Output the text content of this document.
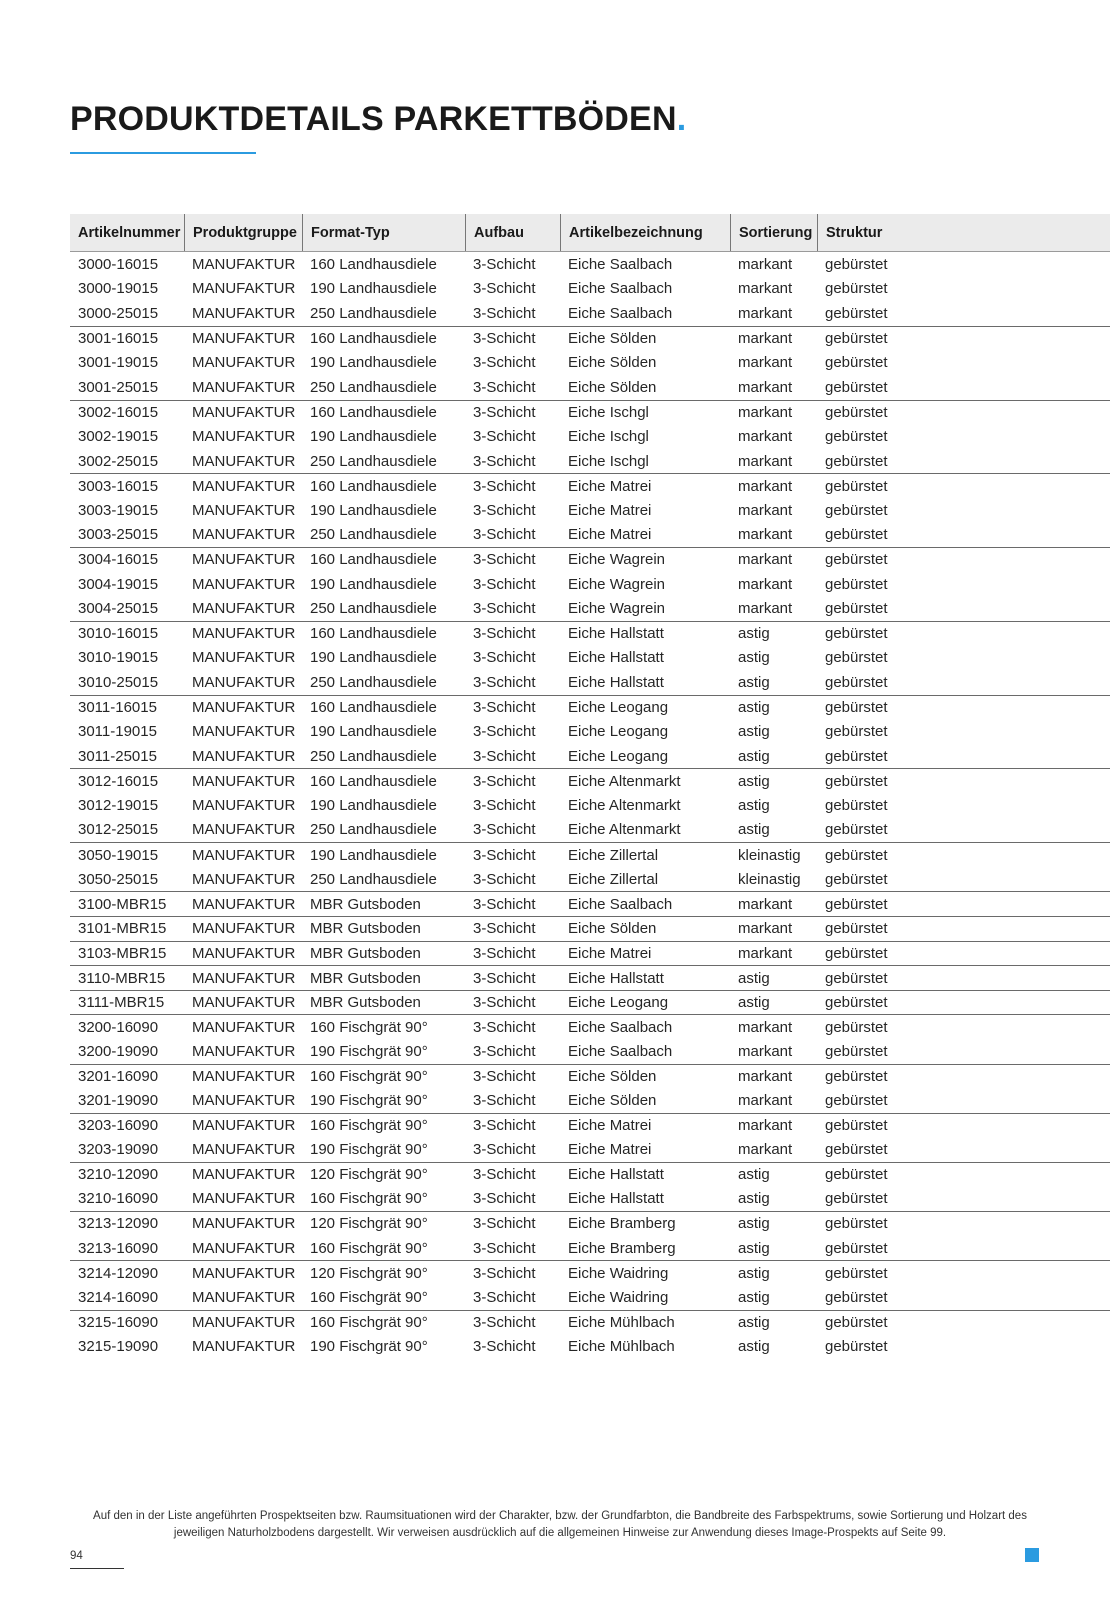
PRODUKTDETAILS PARKETTBÖDEN.
Artikelnummer Produktgruppe Format-Typ	Aufbau	Artikelbezeichnung	Sortierung Struktur
3000-16015	MANUFAKTUR 160 Landhausdiele	3-Schicht	Eiche Saalbach	markant	gebürstet
3000-19015	MANUFAKTUR 190 Landhausdiele	3-Schicht	Eiche Saalbach	markant	gebürstet
3000-25015	MANUFAKTUR 250 Landhausdiele	3-Schicht	Eiche Saalbach	markant	gebürstet
3001-16015	MANUFAKTUR 160 Landhausdiele	3-Schicht	Eiche Sölden	markant	gebürstet
3001-19015	MANUFAKTUR 190 Landhausdiele	3-Schicht	Eiche Sölden	markant	gebürstet
3001-25015	MANUFAKTUR 250 Landhausdiele	3-Schicht	Eiche Sölden	markant	gebürstet
3002-16015	MANUFAKTUR 160 Landhausdiele	3-Schicht	Eiche Ischgl	markant	gebürstet
3002-19015	MANUFAKTUR 190 Landhausdiele	3-Schicht	Eiche Ischgl	markant	gebürstet
3002-25015	MANUFAKTUR 250 Landhausdiele	3-Schicht	Eiche Ischgl	markant	gebürstet
3003-16015	MANUFAKTUR 160 Landhausdiele	3-Schicht	Eiche Matrei	markant	gebürstet
3003-19015	MANUFAKTUR 190 Landhausdiele	3-Schicht	Eiche Matrei	markant	gebürstet
3003-25015	MANUFAKTUR 250 Landhausdiele	3-Schicht	Eiche Matrei	markant	gebürstet
3004-16015	MANUFAKTUR 160 Landhausdiele	3-Schicht	Eiche Wagrein	markant	gebürstet
3004-19015	MANUFAKTUR 190 Landhausdiele	3-Schicht	Eiche Wagrein	markant	gebürstet
3004-25015	MANUFAKTUR 250 Landhausdiele	3-Schicht	Eiche Wagrein	markant	gebürstet
3010-16015	MANUFAKTUR 160 Landhausdiele	3-Schicht	Eiche Hallstatt	astig	gebürstet
3010-19015	MANUFAKTUR 190 Landhausdiele	3-Schicht	Eiche Hallstatt	astig	gebürstet
3010-25015	MANUFAKTUR 250 Landhausdiele	3-Schicht	Eiche Hallstatt	astig	gebürstet
3011-16015	MANUFAKTUR 160 Landhausdiele	3-Schicht	Eiche Leogang	astig	gebürstet
3011-19015	MANUFAKTUR 190 Landhausdiele	3-Schicht	Eiche Leogang	astig	gebürstet
3011-25015	MANUFAKTUR 250 Landhausdiele	3-Schicht	Eiche Leogang	astig	gebürstet
3012-16015	MANUFAKTUR 160 Landhausdiele	3-Schicht	Eiche Altenmarkt	astig	gebürstet
3012-19015	MANUFAKTUR 190 Landhausdiele	3-Schicht	Eiche Altenmarkt	astig	gebürstet
3012-25015	MANUFAKTUR 250 Landhausdiele	3-Schicht	Eiche Altenmarkt	astig	gebürstet
3050-19015	MANUFAKTUR 190 Landhausdiele	3-Schicht	Eiche Zillertal	kleinastig	gebürstet
3050-25015	MANUFAKTUR 250 Landhausdiele	3-Schicht	Eiche Zillertal	kleinastig	gebürstet
3100-MBR15	MANUFAKTUR MBR Gutsboden	3-Schicht	Eiche Saalbach	markant	gebürstet
3101-MBR15	MANUFAKTUR MBR Gutsboden	3-Schicht	Eiche Sölden	markant	gebürstet
3103-MBR15	MANUFAKTUR MBR Gutsboden	3-Schicht	Eiche Matrei	markant	gebürstet
3110-MBR15	MANUFAKTUR MBR Gutsboden	3-Schicht	Eiche Hallstatt	astig	gebürstet
3111-MBR15	MANUFAKTUR MBR Gutsboden	3-Schicht	Eiche Leogang	astig	gebürstet
3200-16090	MANUFAKTUR 160 Fischgrät 90°	3-Schicht	Eiche Saalbach	markant	gebürstet
3200-19090	MANUFAKTUR 190 Fischgrät 90°	3-Schicht	Eiche Saalbach	markant	gebürstet
3201-16090	MANUFAKTUR 160 Fischgrät 90°	3-Schicht	Eiche Sölden	markant	gebürstet
3201-19090	MANUFAKTUR 190 Fischgrät 90°	3-Schicht	Eiche Sölden	markant	gebürstet
3203-16090	MANUFAKTUR 160 Fischgrät 90°	3-Schicht	Eiche Matrei	markant	gebürstet
3203-19090	MANUFAKTUR 190 Fischgrät 90°	3-Schicht	Eiche Matrei	markant	gebürstet
3210-12090	MANUFAKTUR 120 Fischgrät 90°	3-Schicht	Eiche Hallstatt	astig	gebürstet
3210-16090	MANUFAKTUR 160 Fischgrät 90°	3-Schicht	Eiche Hallstatt	astig	gebürstet
3213-12090	MANUFAKTUR 120 Fischgrät 90°	3-Schicht	Eiche Bramberg	astig	gebürstet
3213-16090	MANUFAKTUR 160 Fischgrät 90°	3-Schicht	Eiche Bramberg	astig	gebürstet
3214-12090	MANUFAKTUR 120 Fischgrät 90°	3-Schicht	Eiche Waidring	astig	gebürstet
3214-16090	MANUFAKTUR 160 Fischgrät 90°	3-Schicht	Eiche Waidring	astig	gebürstet
3215-16090	MANUFAKTUR 160 Fischgrät 90°	3-Schicht	Eiche Mühlbach	astig	gebürstet
3215-19090	MANUFAKTUR 190 Fischgrät 90°	3-Schicht	Eiche Mühlbach	astig	gebürstet
Auf den in der Liste angeführten Prospektseiten bzw. Raumsituationen wird der Charakter, bzw. der Grundfarbton, die Bandbreite des Farbspektrums, sowie Sortierung und Holzart des jeweiligen Naturholzbodens dargestellt. Wir verweisen ausdrücklich auf die allgemeinen Hinweise zur Anwendung dieses Image-Prospekts auf Seite 99.
94
